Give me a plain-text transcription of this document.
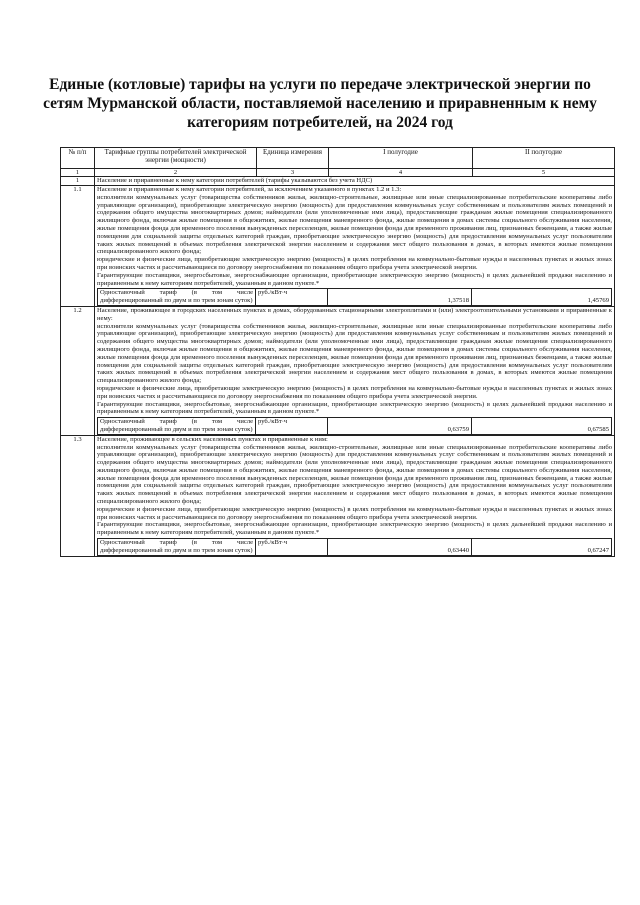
Единые (котловые) тарифы на услуги по передаче электрической энергии по сетям Мурманской области, поставляемой населению и приравненным к нему категориям потребителей, на 2024 год
№ п/п	Тарифные группы потребителей электрической энергии (мощности)	Единица измерения	I полугодие	II полугодие
1	2	3	4	5
1	Население и приравненные к нему категории потребителей (тарифы указываются без учета НДС)
1.1	Население и приравненные к нему категории потребителей, за исключением указанного в пунктах 1.2 и 1.3:

исполнители коммунальных услуг (товарищества собственников жилья, жилищно-строительные, жилищные или иные специализированные потребительские кооперативы либо управляющие организации), приобретающие электрическую энергию (мощность) для предоставления коммунальных услуг собственникам и пользователям жилых помещений и содержания общего имущества многоквартирных домов; наймодатели (или уполномоченные ими лица), предоставляющие гражданам жилые помещения специализированного жилищного фонда, включая жилые помещения в общежитиях, жилые помещения маневренного фонда, жилые помещения в домах системы социального обслуживания населения, жилые помещения фонда для временного поселения вынужденных переселенцев, жилые помещения фонда для временного проживания лиц, признанных беженцами, а также жилые помещения для социальной защиты отдельных категорий граждан, приобретающие электрическую энергию (мощность) для предоставления коммунальных услуг пользователям таких жилых помещений в объемах потребления электрической энергии населением и содержания мест общего пользования в домах, в которых имеются жилые помещения специализированного жилого фонда;

юридические и физические лица, приобретающие электрическую энергию (мощность) в целях потребления на коммунально-бытовые нужды в населенных пунктах и жилых зонах при воинских частях и рассчитывающиеся по договору энергоснабжения по показаниям общего прибора учета электрической энергии.

Гарантирующие поставщики, энергосбытовые, энергоснабжающие организации, приобретающие электрическую энергию (мощность) в целях дальнейшей продажи населению и приравненным к нему категориям потребителей, указанным в данном пункте.*

Одноставочный тариф (в том числе дифференцированный по двум и по трем зонам суток)	руб./кВт·ч	1,37518	1,45769

1.2	Население, проживающее в городских населенных пунктах в домах, оборудованных стационарными электроплитами и (или) электроотопительными установками и приравненные к нему:

исполнители коммунальных услуг (товарищества собственников жилья, жилищно-строительные, жилищные или иные специализированные потребительские кооперативы либо управляющие организации), приобретающие электрическую энергию (мощность) для предоставления коммунальных услуг собственникам и пользователям жилых помещений и содержания общего имущества многоквартирных домов; наймодатели (или уполномоченные ими лица), предоставляющие гражданам жилые помещения специализированного жилищного фонда, включая жилые помещения в общежитиях, жилые помещения маневренного фонда, жилые помещения в домах системы социального обслуживания населения, жилые помещения фонда для временного поселения вынужденных переселенцев, жилые помещения фонда для временного проживания лиц, признанных беженцами, а также жилые помещения для социальной защиты отдельных категорий граждан, приобретающие электрическую энергию (мощность) для предоставления коммунальных услуг пользователям таких жилых помещений в объемах потребления электрической энергии населением и содержания мест общего пользования в домах, в которых имеются жилые помещения специализированного жилого фонда;

юридические и физические лица, приобретающие электрическую энергию (мощность) в целях потребления на коммунально-бытовые нужды в населенных пунктах и жилых зонах при воинских частях и рассчитывающиеся по договору энергоснабжения по показаниям общего прибора учета электрической энергии.

Гарантирующие поставщики, энергосбытовые, энергоснабжающие организации, приобретающие электрическую энергию (мощность) в целях дальнейшей продажи населению и приравненным к нему категориям потребителей, указанным в данном пункте.*

Одноставочный тариф (в том числе дифференцированный по двум и по трем зонам суток)	руб./кВт·ч	0,63759	0,67585

1.3	Население, проживающее в сельских населенных пунктах и приравненные к ним:

исполнители коммунальных услуг (товарищества собственников жилья, жилищно-строительные, жилищные или иные специализированные потребительские кооперативы либо управляющие организации), приобретающие электрическую энергию (мощность) для предоставления коммунальных услуг собственникам и пользователям жилых помещений и содержания общего имущества многоквартирных домов; наймодатели (или уполномоченные ими лица), предоставляющие гражданам жилые помещения специализированного жилищного фонда, включая жилые помещения в общежитиях, жилые помещения маневренного фонда, жилые помещения в домах системы социального обслуживания населения, жилые помещения фонда для временного поселения вынужденных переселенцев, жилые помещения фонда для временного проживания лиц, признанных беженцами, а также жилые помещения для социальной защиты отдельных категорий граждан, приобретающие электрическую энергию (мощность) для предоставления коммунальных услуг пользователям таких жилых помещений в объемах потребления электрической энергии населением и содержания мест общего пользования в домах, в которых имеются жилые помещения специализированного жилого фонда;

юридические и физические лица, приобретающие электрическую энергию (мощность) в целях потребления на коммунально-бытовые нужды в населенных пунктах и жилых зонах при воинских частях и рассчитывающиеся по договору энергоснабжения по показаниям общего прибора учета электрической энергии.

Гарантирующие поставщики, энергосбытовые, энергоснабжающие организации, приобретающие электрическую энергию (мощность) в целях дальнейшей продажи населению и приравненным к нему категориям потребителей, указанным в данном пункте.*

Одноставочный тариф (в том числе дифференцированный по двум и по трем зонам суток)	руб./кВт·ч	0,63440	0,67247
